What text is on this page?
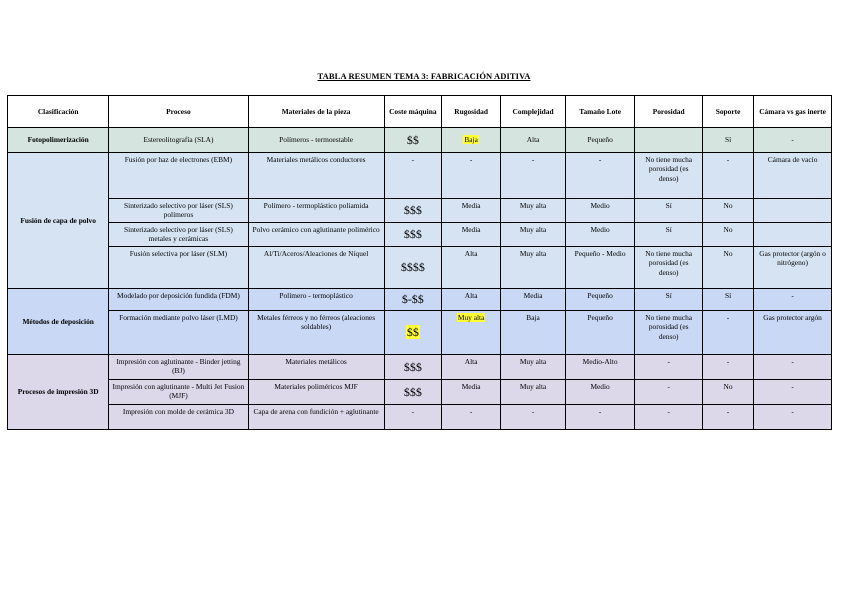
TABLA RESUMEN TEMA 3: FABRICACIÓN ADITIVA
Clasificación	Proceso	Materiales de la pieza	Coste máquina	Rugosidad	Complejidad	Tamaño Lote	Porosidad	Soporte	Cámara vs gas inerte
Fotopolimerización	Estereolitografía (SLA)	Polímeros - termoestable	$$	Baja	Alta	Pequeño		Sí	-
Fusión de capa de polvo	Fusión por haz de electrones (EBM)	Materiales metálicos conductores	-	-	-	-	No tiene mucha porosidad (es denso)	-	Cámara de vacío
	Sinterizado selectivo por láser (SLS) polímeros	Polímero - termoplástico poliamida	$$$	Media	Muy alta	Medio	Sí	No	
	Sinterizado selectivo por láser (SLS) metales y cerámicas	Polvo cerámico con aglutinante polimérico	$$$	Media	Muy alta	Medio	Sí	No	
	Fusión selectiva por láser (SLM)	Al/Ti/Aceros/Aleaciones de Níquel	$$$$	Alta	Muy alta	Pequeño - Medio	No tiene mucha porosidad (es denso)	No	Gas protector (argón o nitrógeno)
Métodos de deposición	Modelado por deposición fundida (FDM)	Polímero - termoplástico	$-$$	Alta	Media	Pequeño	Sí	Sí	-
	Formación mediante polvo láser (LMD)	Metales férreos y no férreos (aleaciones soldables)	$$	Muy alta	Baja	Pequeño	No tiene mucha porosidad (es denso)	-	Gas protector argón
Procesos de impresión 3D	Impresión con aglutinante - Binder jetting (BJ)	Materiales metálicos	$$$	Alta	Muy alta	Medio-Alto	-	-	-
	Impresión con aglutinante - Multi Jet Fusion (MJF)	Materiales poliméricos MJF	$$$	Media	Muy alta	Medio	-	No	-
	Impresión con molde de cerámica 3D	Capa de arena con fundición + aglutinante	-	-	-	-	-	-	-
